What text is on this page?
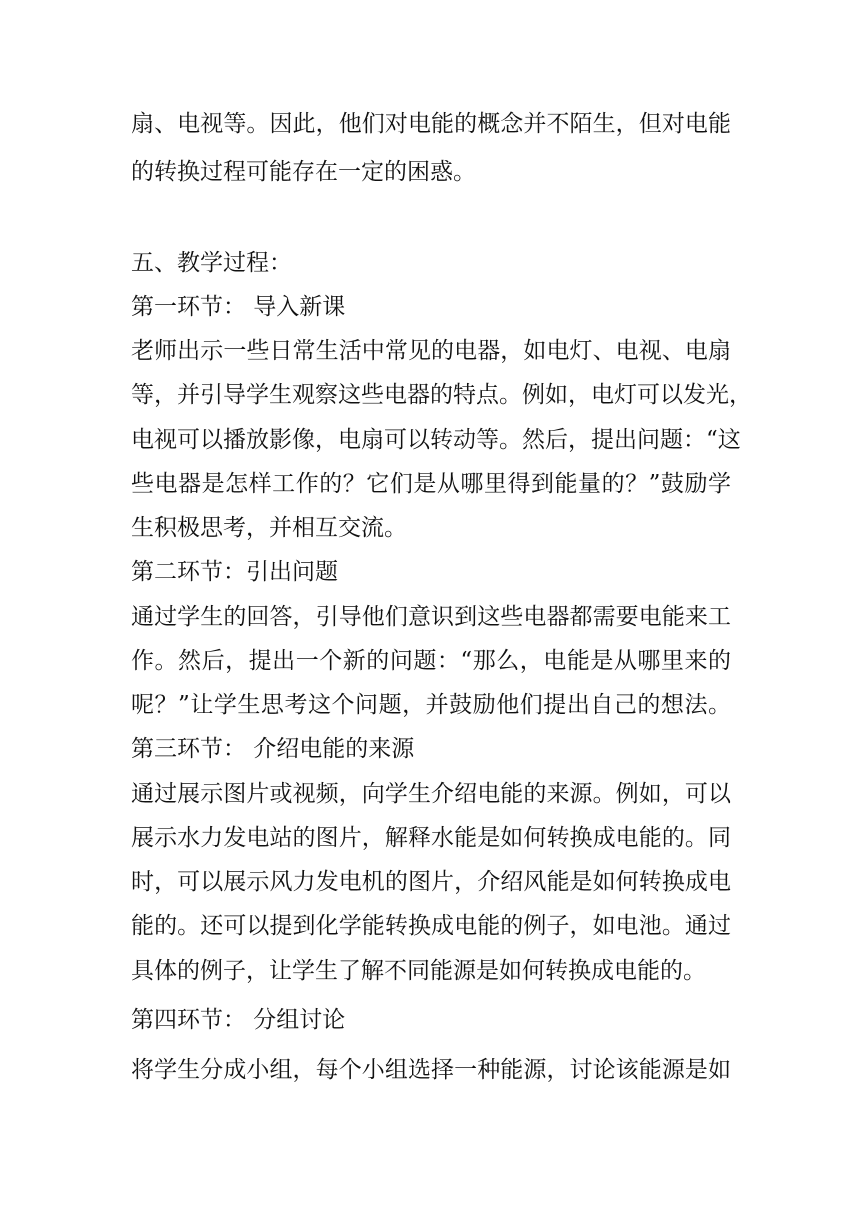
扇、电视等。因此，他们对电能的概念并不陌生，但对电能
的转换过程可能存在一定的困惑。
五、教学过程：
第一环节： 导入新课
老师出示一些日常生活中常见的电器，如电灯、电视、电扇
等，并引导学生观察这些电器的特点。例如，电灯可以发光，
电视可以播放影像，电扇可以转动等。然后，提出问题：“这
些电器是怎样工作的？它们是从哪里得到能量的？”鼓励学
生积极思考，并相互交流。
第二环节：引出问题
通过学生的回答，引导他们意识到这些电器都需要电能来工
作。然后，提出一个新的问题：“那么，电能是从哪里来的
呢？”让学生思考这个问题，并鼓励他们提出自己的想法。
第三环节： 介绍电能的来源
通过展示图片或视频，向学生介绍电能的来源。例如，可以
展示水力发电站的图片，解释水能是如何转换成电能的。同
时，可以展示风力发电机的图片，介绍风能是如何转换成电
能的。还可以提到化学能转换成电能的例子，如电池。通过
具体的例子，让学生了解不同能源是如何转换成电能的。
第四环节： 分组讨论
将学生分成小组，每个小组选择一种能源，讨论该能源是如
